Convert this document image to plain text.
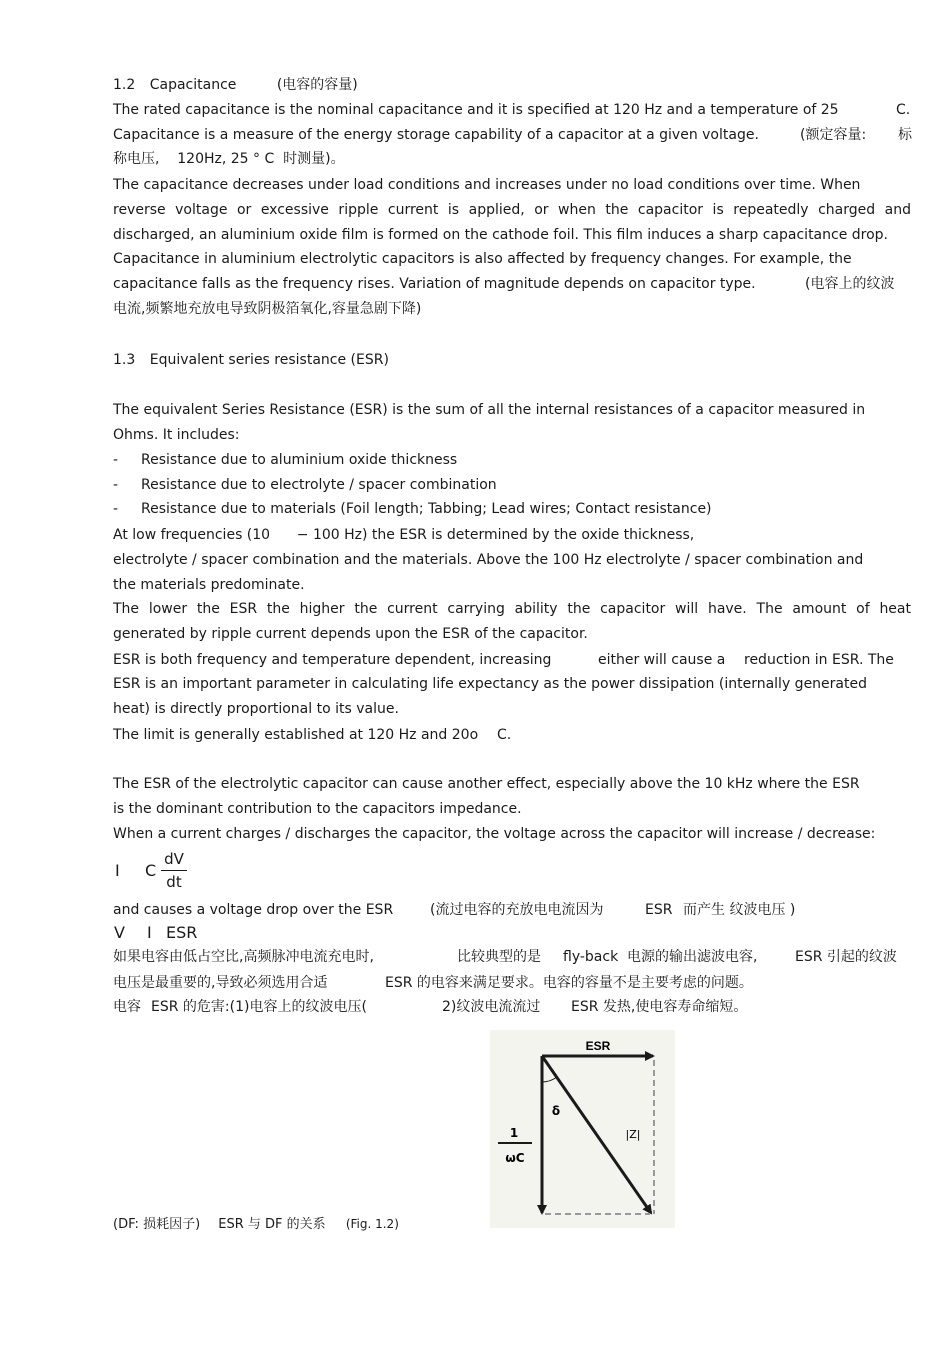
1.2 Capacitance	(电容的容量)
The rated capacitance is the nominal capacitance and it is specified at 120 Hz and a temperature of 25	C.
Capacitance is a measure of the energy storage capability of a capacitor at a given voltage.	(额定容量: 标
称电压,    120Hz, 25 ° C  时测量)。
The capacitance decreases under load conditions and increases under no load conditions over time. When
reverse voltage or excessive ripple current is applied, or when the capacitor is repeatedly charged and
discharged, an aluminium oxide film is formed on the cathode foil. This film induces a sharp capacitance drop.
Capacitance in aluminium electrolytic capacitors is also affected by frequency changes. For example, the
capacitance falls as the frequency rises. Variation of magnitude depends on capacitor type.	(电容上的纹波
电流,频繁地充放电导致阴极箔氧化,容量急剧下降)
1.3 Equivalent series resistance (ESR)
The equivalent Series Resistance (ESR) is the sum of all the internal resistances of a capacitor measured in
Ohms. It includes:
- Resistance due to aluminium oxide thickness
- Resistance due to electrolyte / spacer combination
- Resistance due to materials (Foil length; Tabbing; Lead wires; Contact resistance)
At low frequencies (10      − 100 Hz) the ESR is determined by the oxide thickness,
electrolyte / spacer combination and the materials. Above the 100 Hz electrolyte / spacer combination and
the materials predominate.
The lower the ESR the higher the current carrying ability the capacitor will have. The amount of heat
generated by ripple current depends upon the ESR of the capacitor.
ESR is both frequency and temperature dependent, increasing	either will cause a reduction in ESR. The
ESR is an important parameter in calculating life expectancy as the power dissipation (internally generated
heat) is directly proportional to its value.
The limit is generally established at 120 Hz and 20o C.
The ESR of the electrolytic capacitor can cause another effect, especially above the 10 kHz where the ESR
is the dominant contribution to the capacitors impedance.
When a current charges / discharges the capacitor, the voltage across the capacitor will increase / decrease:
I C
dV
dt
and causes a voltage drop over the ESR	(流过电容的充放电电流因为	ESR 而产生 纹波电压 )
V I ESR
如果电容由低占空比,高频脉冲电流充电时,	比较典型的是 fly-back 电源的输出滤波电容,	ESR 引起的纹波
电压是最重要的,导致必须选用合适	ESR 的电容来满足要求。电容的容量不是主要考虑的问题。
电容 ESR 的危害:(1)电容上的纹波电压(	2)纹波电流流过 ESR 发热,使电容寿命缩短。
ESR
δ
|Z|
1
ωC
(DF: 损耗因子) ESR 与 DF 的关系 (Fig. 1.2)
